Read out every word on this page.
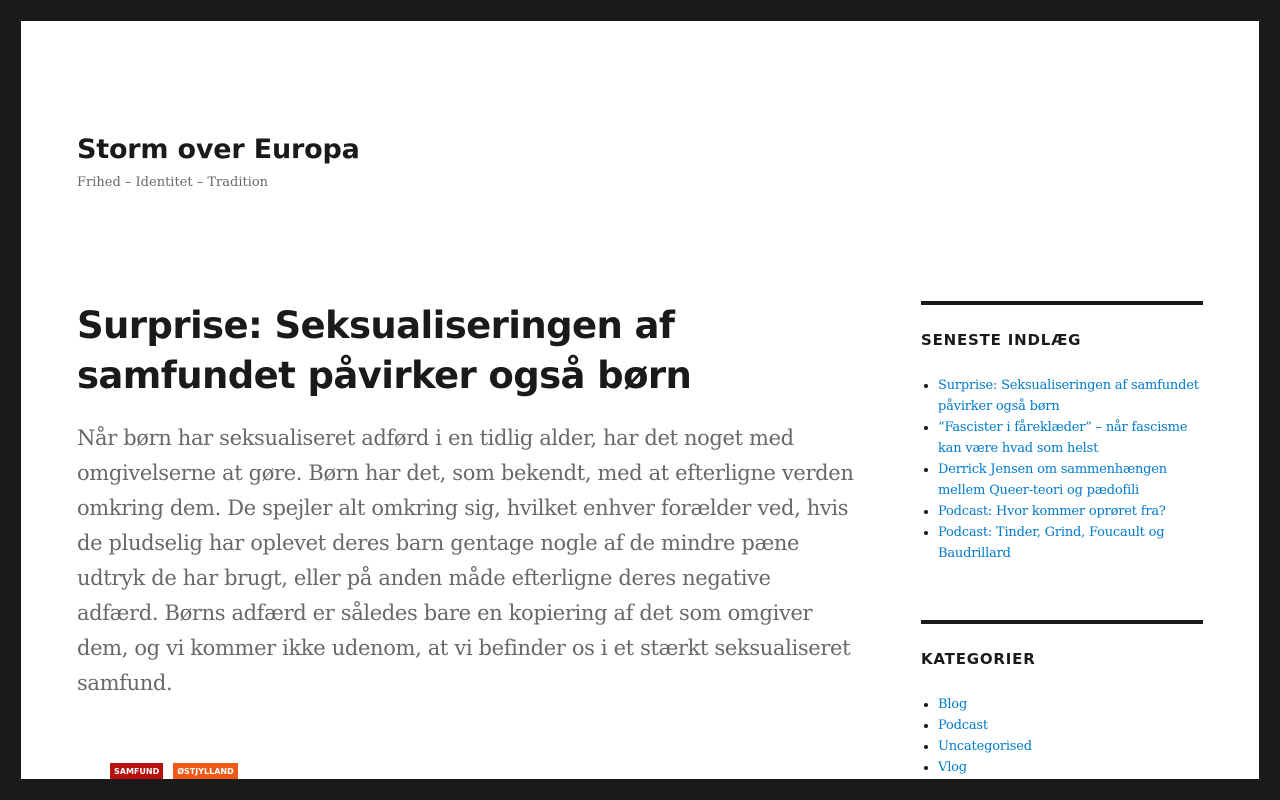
Storm over Europa

Frihed – Identitet – Tradition

Surprise: Seksualiseringen af samfundet påvirker også børn

Når børn har seksualiseret adførd i en tidlig alder, har det noget med omgivelserne at gøre. Børn har det, som bekendt, med at efterligne verden omkring dem. De spejler alt omkring sig, hvilket enhver forælder ved, hvis de pludselig har oplevet deres barn gentage nogle af de mindre pæne udtryk de har brugt, eller på anden måde efterligne deres negative adfærd. Børns adfærd er således bare en kopiering af det som omgiver dem, og vi kommer ikke udenom, at vi befinder os i et stærkt seksualiseret samfund.

SAMFUND	ØSTJYLLAND
SENESTE INDLÆG
• Surprise: Seksualiseringen af samfundet påvirker også børn
• “Fascister i fåreklæder” – når fascisme kan være hvad som helst
• Derrick Jensen om sammenhængen mellem Queer-teori og pædofili
• Podcast: Hvor kommer oprøret fra?
• Podcast: Tinder, Grind, Foucault og Baudrillard
KATEGORIER
• Blog
• Podcast
• Uncategorised
• Vlog
